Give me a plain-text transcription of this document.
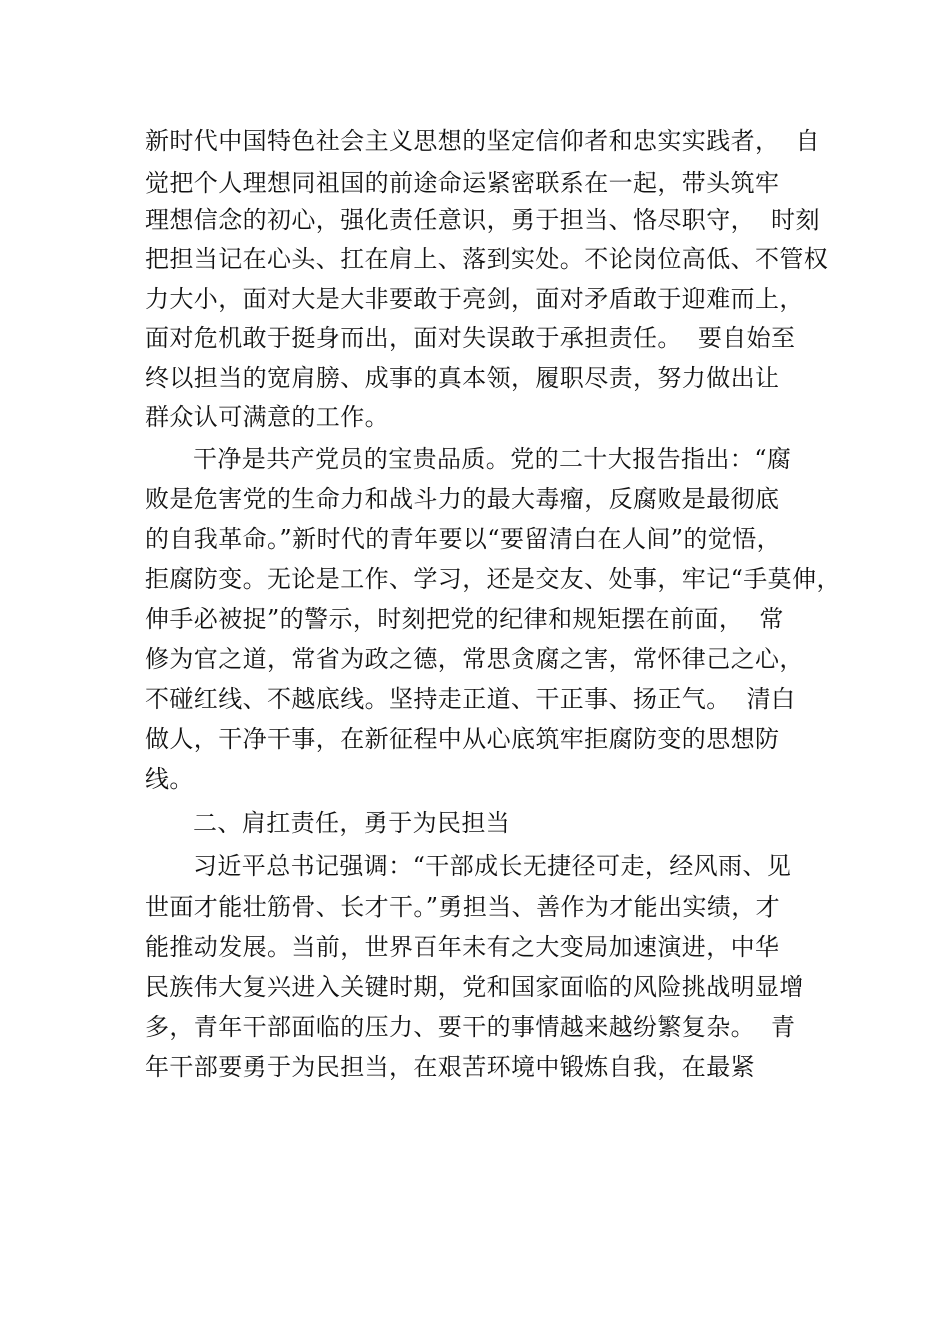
新时代中国特色社会主义思想的坚定信仰者和忠实实践者，  自
觉把个人理想同祖国的前途命运紧密联系在一起，带头筑牢
理想信念的初心，强化责任意识，勇于担当、恪尽职守，  时刻
把担当记在心头、扛在肩上、落到实处。不论岗位高低、不管权
力大小，面对大是大非要敢于亮剑，面对矛盾敢于迎难而上，
面对危机敢于挺身而出，面对失误敢于承担责任。  要自始至
终以担当的宽肩膀、成事的真本领，履职尽责，努力做出让
群众认可满意的工作。
干净是共产党员的宝贵品质。党的二十大报告指出：“腐
败是危害党的生命力和战斗力的最大毒瘤，反腐败是最彻底
的自我革命。”新时代的青年要以“要留清白在人间”的觉悟，
拒腐防变。无论是工作、学习，还是交友、处事，牢记“手莫伸，
伸手必被捉”的警示，时刻把党的纪律和规矩摆在前面，  常
修为官之道，常省为政之德，常思贪腐之害，常怀律己之心，
不碰红线、不越底线。坚持走正道、干正事、扬正气。  清白
做人，干净干事，在新征程中从心底筑牢拒腐防变的思想防
线。
二、肩扛责任，勇于为民担当
习近平总书记强调：“干部成长无捷径可走，经风雨、见
世面才能壮筋骨、长才干。”勇担当、善作为才能出实绩，才
能推动发展。当前，世界百年未有之大变局加速演进，中华
民族伟大复兴进入关键时期，党和国家面临的风险挑战明显增
多，青年干部面临的压力、要干的事情越来越纷繁复杂。  青
年干部要勇于为民担当，在艰苦环境中锻炼自我，在最紧
